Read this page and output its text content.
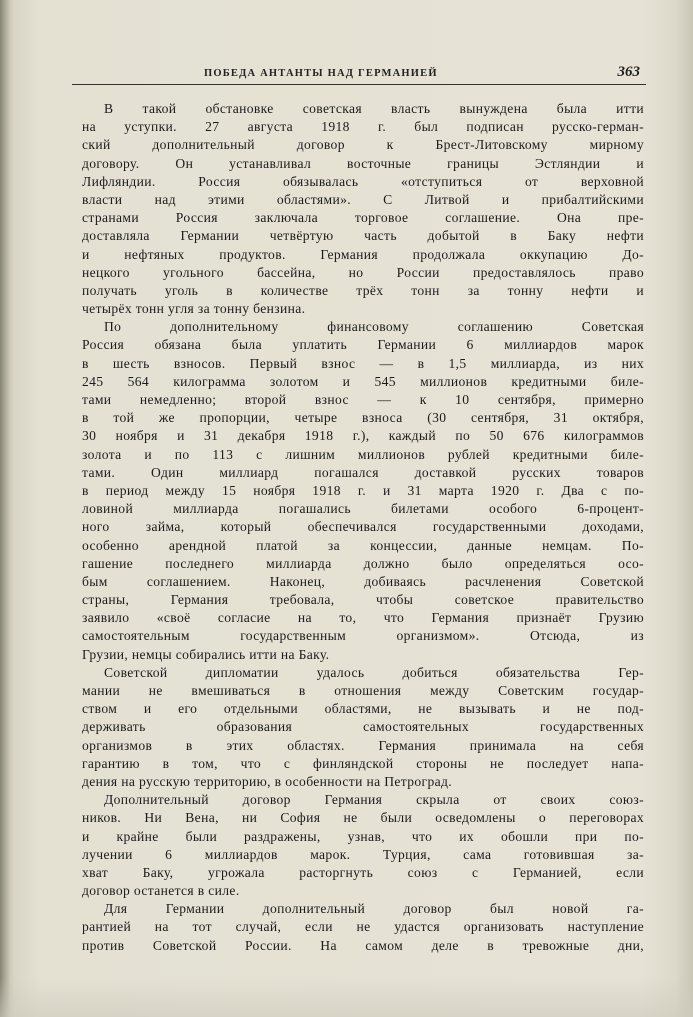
ПОБЕДА АНТАНТЫ НАД ГЕРМАНИЕЙ	363
В такой обстановке советская власть вынуждена была итти
на уступки. 27 августа 1918 г. был подписан русско-герман-
ский дополнительный договор к Брест-Литовскому мирному
договору. Он устанавливал восточные границы Эстляндии и
Лифляндии. Россия обязывалась «отступиться от верховной
власти над этими областями». С Литвой и прибалтийскими
странами Россия заключала торговое соглашение. Она пре-
доставляла Германии четвёртую часть добытой в Баку нефти
и нефтяных продуктов. Германия продолжала оккупацию До-
нецкого угольного бассейна, но России предоставлялось право
получать уголь в количестве трёх тонн за тонну нефти и
четырёх тонн угля за тонну бензина.
По дополнительному финансовому соглашению Советская
Россия обязана была уплатить Германии 6 миллиардов марок
в шесть взносов. Первый взнос — в 1,5 миллиарда, из них
245 564 килограмма золотом и 545 миллионов кредитными биле-
тами немедленно; второй взнос — к 10 сентября, примерно
в той же пропорции, четыре взноса (30 сентября, 31 октября,
30 ноября и 31 декабря 1918 г.), каждый по 50 676 килограммов
золота и по 113 с лишним миллионов рублей кредитными биле-
тами. Один миллиард погашался доставкой русских товаров
в период между 15 ноября 1918 г. и 31 марта 1920 г. Два с по-
ловиной миллиарда погашались билетами особого 6-процент-
ного займа, который обеспечивался государственными доходами,
особенно арендной платой за концессии, данные немцам. По-
гашение последнего миллиарда должно было определяться осо-
бым соглашением. Наконец, добиваясь расчленения Советской
страны, Германия требовала, чтобы советское правительство
заявило «своё согласие на то, что Германия признаёт Грузию
самостоятельным государственным организмом». Отсюда, из
Грузии, немцы собирались итти на Баку.
Советской дипломатии удалось добиться обязательства Гер-
мании не вмешиваться в отношения между Советским государ-
ством и его отдельными областями, не вызывать и не под-
держивать образования самостоятельных государственных
организмов в этих областях. Германия принимала на себя
гарантию в том, что с финляндской стороны не последует напа-
дения на русскую территорию, в особенности на Петроград.
Дополнительный договор Германия скрыла от своих союз-
ников. Ни Вена, ни София не были осведомлены о переговорах
и крайне были раздражены, узнав, что их обошли при по-
лучении 6 миллиардов марок. Турция, сама готовившая за-
хват Баку, угрожала расторгнуть союз с Германией, если
договор останется в силе.
Для Германии дополнительный договор был новой га-
рантией на тот случай, если не удастся организовать наступление
против Советской России. На самом деле в тревожные дни,
